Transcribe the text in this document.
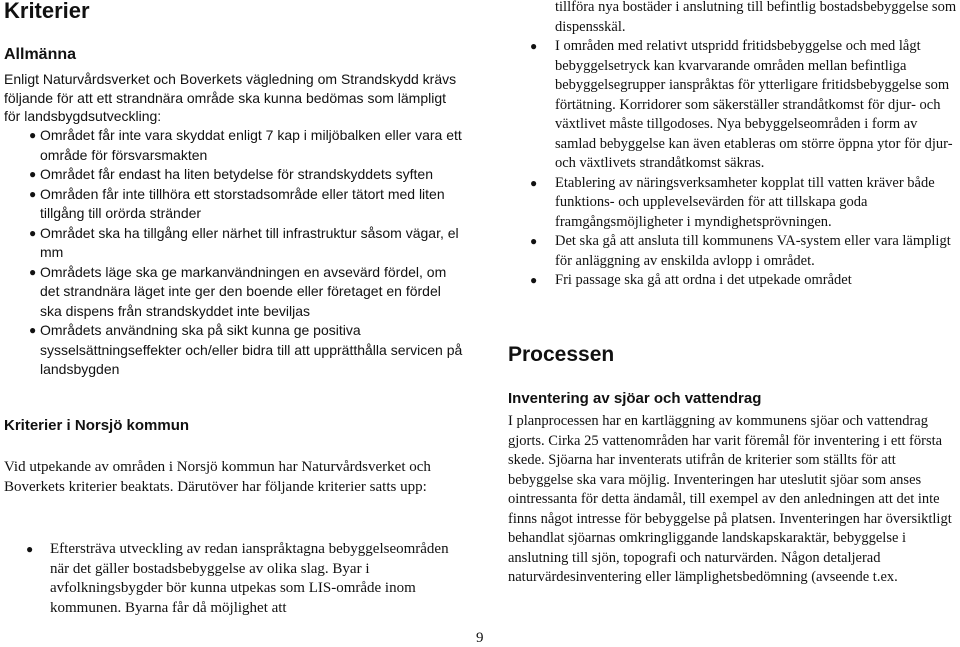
Kriterier
Allmänna

Enligt Naturvårdsverket och Boverkets vägledning om Strandskydd krävs följande för att ett strandnära område ska kunna bedömas som lämpligt för landsbygdsutveckling:

● Området får inte vara skyddat enligt 7 kap i miljöbalken eller vara ett område för försvarsmakten
● Området får endast ha liten betydelse för strandskyddets syften
● Områden får inte tillhöra ett storstadsområde eller tätort med liten tillgång till orörda stränder
● Området ska ha tillgång eller närhet till infrastruktur såsom vägar, el mm
● Områdets läge ska ge markanvändningen en avsevärd fördel, om det strandnära läget inte ger den boende eller företaget en fördel ska dispens från strandskyddet inte beviljas
● Områdets användning ska på sikt kunna ge positiva sysselsättningseffekter och/eller bidra till att upprätthålla servicen på landsbygden
Kriterier i Norsjö kommun

Vid utpekande av områden i Norsjö kommun har Naturvårdsverket och Boverkets kriterier beaktats. Därutöver har följande kriterier satts upp:

● Eftersträva utveckling av redan ianspråktagna bebyggelseområden när det gäller bostadsbebyggelse av olika slag. Byar i avfolkningsbygder bör kunna utpekas som LIS-område inom kommunen. Byarna får då möjlighet att
tillföra nya bostäder i anslutning till befintlig bostadsbebyggelse som dispensskäl.
● I områden med relativt utspridd fritidsbebyggelse och med lågt bebyggelsetryck kan kvarvarande områden mellan befintliga bebyggelsegrupper ianspråktas för ytterligare fritidsbebyggelse som förtätning. Korridorer som säkerställer strandåtkomst för djur- och växtlivet måste tillgodoses. Nya bebyggelseområden i form av samlad bebyggelse kan även etableras om större öppna ytor för djur- och växtlivets strandåtkomst säkras.
● Etablering av näringsverksamheter kopplat till vatten kräver både funktions- och upplevelsevärden för att tillskapa goda framgångsmöjligheter i myndighetsprövningen.
● Det ska gå att ansluta till kommunens VA-system eller vara lämpligt för anläggning av enskilda avlopp i området.
● Fri passage ska gå att ordna i det utpekade området
Processen
Inventering av sjöar och vattendrag

I planprocessen har en kartläggning av kommunens sjöar och vattendrag gjorts. Cirka 25 vattenområden har varit föremål för inventering i ett första skede. Sjöarna har inventerats utifrån de kriterier som ställts för att bebyggelse ska vara möjlig. Inventeringen har uteslutit sjöar som anses ointressanta för detta ändamål, till exempel av den anledningen att det inte finns något intresse för bebyggelse på platsen. Inventeringen har översiktligt behandlat sjöarnas omkringliggande landskapskaraktär, bebyggelse i anslutning till sjön, topografi och naturvärden. Någon detaljerad naturvärdesinventering eller lämplighetsbedömning (avseende t.ex.

9
